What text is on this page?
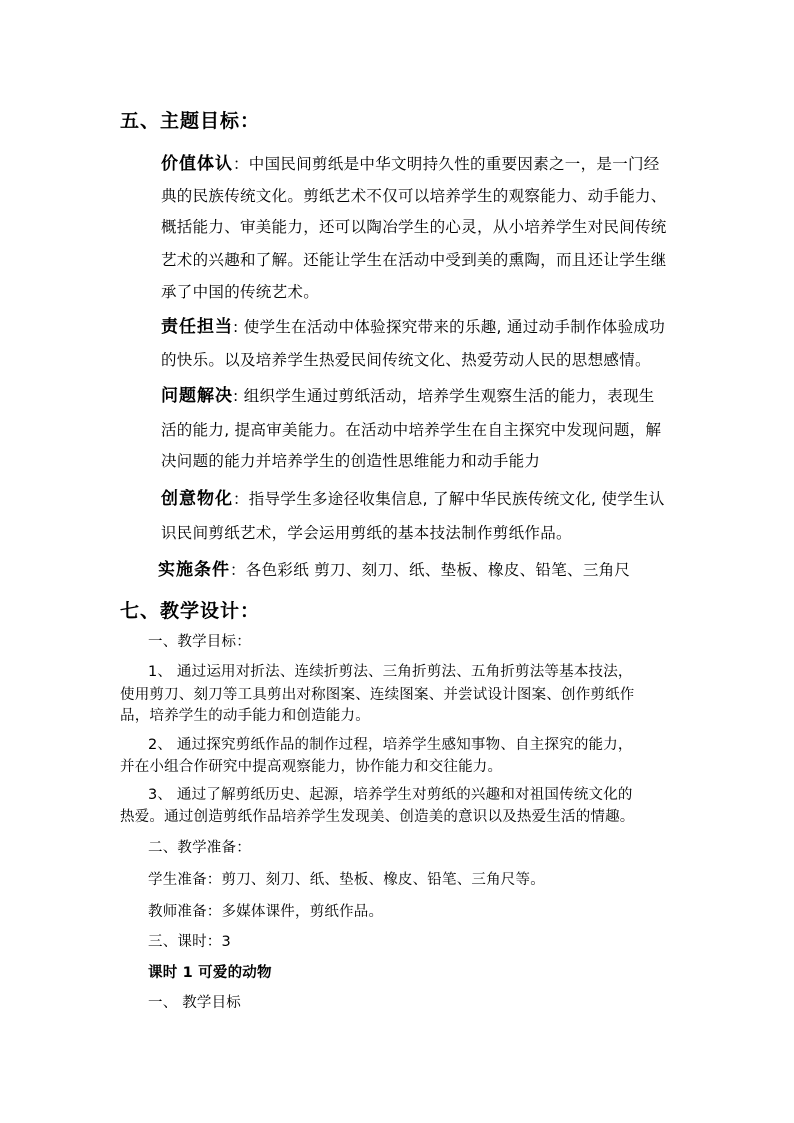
五、主题目标：
价值体认：中国民间剪纸是中华文明持久性的重要因素之一，是一门经
典的民族传统文化。剪纸艺术不仅可以培养学生的观察能力、动手能力、
概括能力、审美能力，还可以陶冶学生的心灵，从小培养学生对民间传统
艺术的兴趣和了解。还能让学生在活动中受到美的熏陶，而且还让学生继
承了中国的传统艺术。
责任担当: 使学生在活动中体验探究带来的乐趣, 通过动手制作体验成功
的快乐。以及培养学生热爱民间传统文化、热爱劳动人民的思想感情。
问题解决: 组织学生通过剪纸活动，培养学生观察生活的能力，表现生
活的能力, 提高审美能力。在活动中培养学生在自主探究中发现问题，解
决问题的能力并培养学生的创造性思维能力和动手能力
创意物化：指导学生多途径收集信息, 了解中华民族传统文化, 使学生认
识民间剪纸艺术，学会运用剪纸的基本技法制作剪纸作品。
实施条件：各色彩纸 剪刀、刻刀、纸、垫板、橡皮、铅笔、三角尺
七、教学设计：
一、教学目标：
1、 通过运用对折法、连续折剪法、三角折剪法、五角折剪法等基本技法，
使用剪刀、刻刀等工具剪出对称图案、连续图案、并尝试设计图案、创作剪纸作
品，培养学生的动手能力和创造能力。
2、 通过探究剪纸作品的制作过程，培养学生感知事物、自主探究的能力，
并在小组合作研究中提高观察能力，协作能力和交往能力。
3、 通过了解剪纸历史、起源，培养学生对剪纸的兴趣和对祖国传统文化的
热爱。通过创造剪纸作品培养学生发现美、创造美的意识以及热爱生活的情趣。
二、教学准备：
学生准备：剪刀、刻刀、纸、垫板、橡皮、铅笔、三角尺等。
教师准备：多媒体课件，剪纸作品。
三、课时：3
课时 1 可爱的动物
一、 教学目标
